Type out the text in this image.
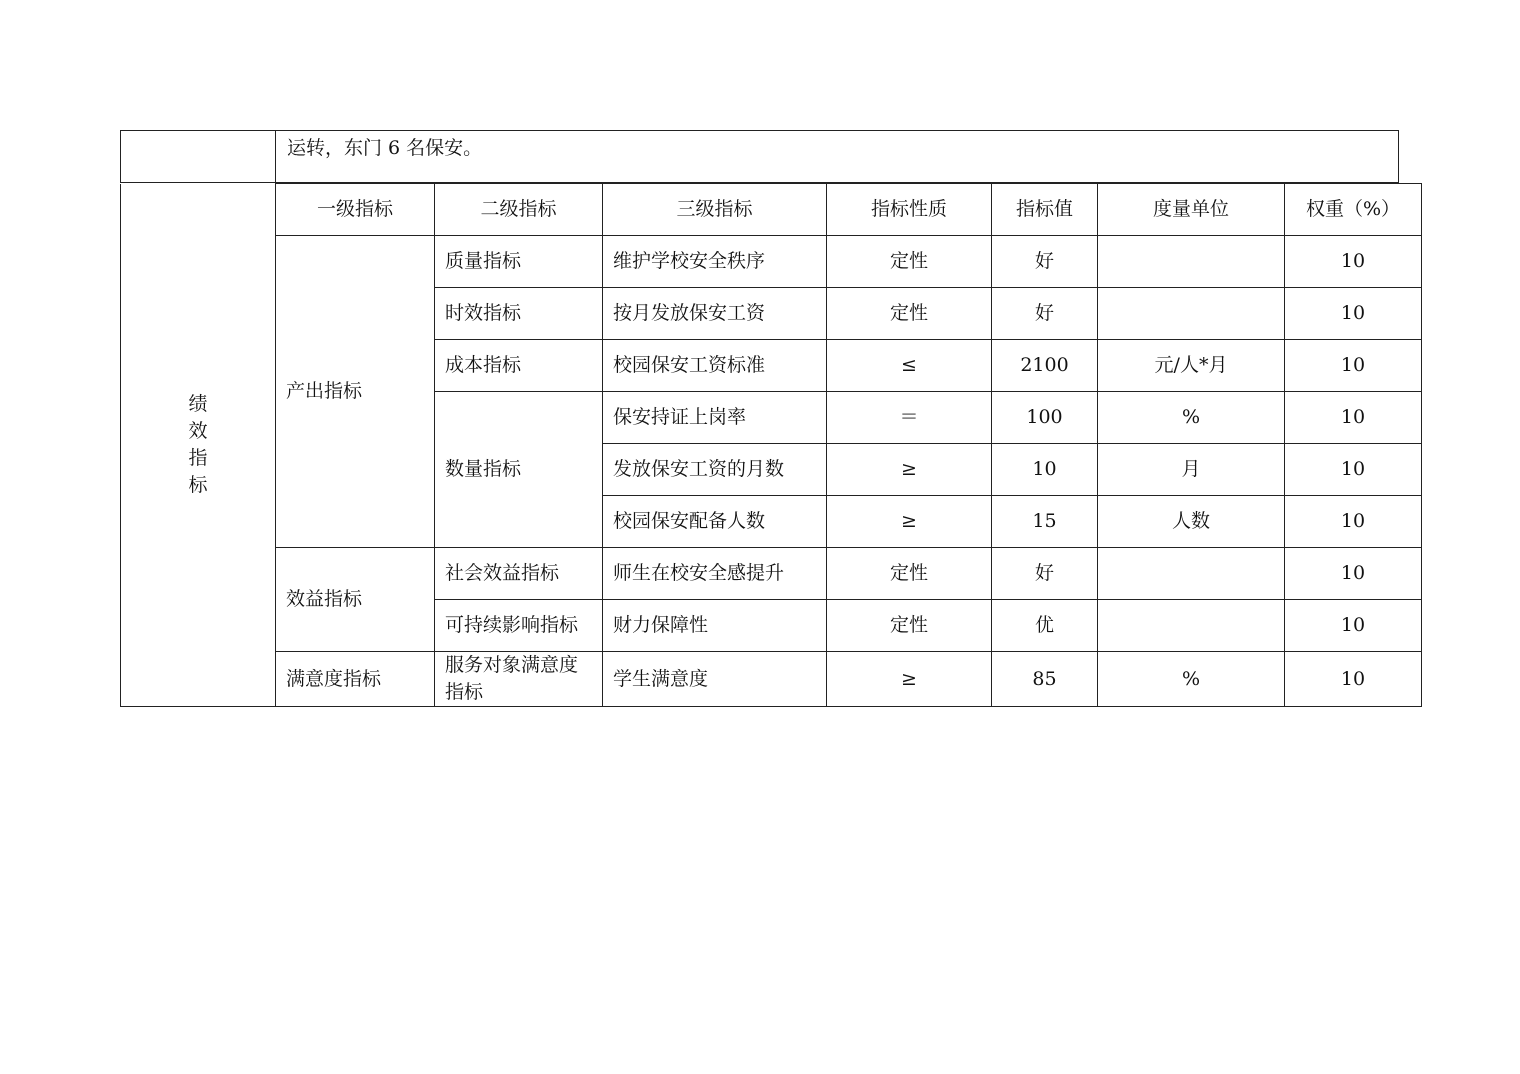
运转，东门 6 名保安。
绩
效
指
标	一级指标	二级指标	三级指标	指标性质	指标值	度量单位	权重（%）
	产出指标	质量指标	维护学校安全秩序	定性	好		10
		时效指标	按月发放保安工资	定性	好		10
		成本指标	校园保安工资标准	≤	2100	元/人*月	10
		数量指标	保安持证上岗率	＝	100	%	10
			发放保安工资的月数	≥	10	月	10
			校园保安配备人数	≥	15	人数	10
	效益指标	社会效益指标	师生在校安全感提升	定性	好		10
		可持续影响指标	财力保障性	定性	优		10
	满意度指标	服务对象满意度指标	学生满意度	≥	85	%	10
